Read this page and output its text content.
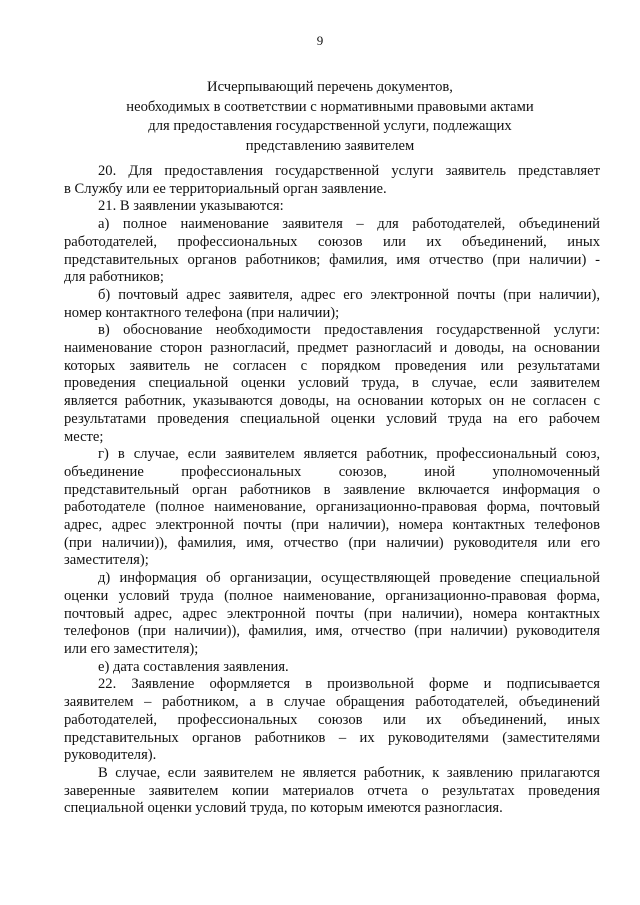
9
Исчерпывающий перечень документов,
необходимых в соответствии с нормативными правовыми актами
для предоставления государственной услуги, подлежащих
представлению заявителем
20. Для предоставления государственной услуги заявитель представляет
в Службу или ее территориальный орган заявление.
21. В заявлении указываются:
а) полное наименование заявителя – для работодателей, объединений
работодателей, профессиональных союзов или их объединений, иных
представительных органов работников; фамилия, имя отчество (при наличии) -
для работников;
б) почтовый адрес заявителя, адрес его электронной почты (при наличии),
номер контактного телефона (при наличии);
в) обоснование необходимости предоставления государственной услуги:
наименование сторон разногласий, предмет разногласий и доводы, на основании
которых заявитель не согласен с порядком проведения или результатами
проведения специальной оценки условий труда, в случае, если заявителем
является работник, указываются доводы, на основании которых он не согласен с
результатами проведения специальной оценки условий труда на его рабочем
месте;
г) в случае, если заявителем является работник, профессиональный союз,
объединение профессиональных союзов, иной уполномоченный
представительный орган работников в заявление включается информация о
работодателе (полное наименование, организационно-правовая форма, почтовый
адрес, адрес электронной почты (при наличии), номера контактных телефонов
(при наличии)), фамилия, имя, отчество (при наличии) руководителя или его
заместителя);
д) информация об организации, осуществляющей проведение специальной
оценки условий труда (полное наименование, организационно-правовая форма,
почтовый адрес, адрес электронной почты (при наличии), номера контактных
телефонов (при наличии)), фамилия, имя, отчество (при наличии) руководителя
или его заместителя);
е) дата составления заявления.
22. Заявление оформляется в произвольной форме и подписывается
заявителем – работником, а в случае обращения работодателей, объединений
работодателей, профессиональных союзов или их объединений, иных
представительных органов работников – их руководителями (заместителями
руководителя).
В случае, если заявителем не является работник, к заявлению прилагаются
заверенные заявителем копии материалов отчета о результатах проведения
специальной оценки условий труда, по которым имеются разногласия.
